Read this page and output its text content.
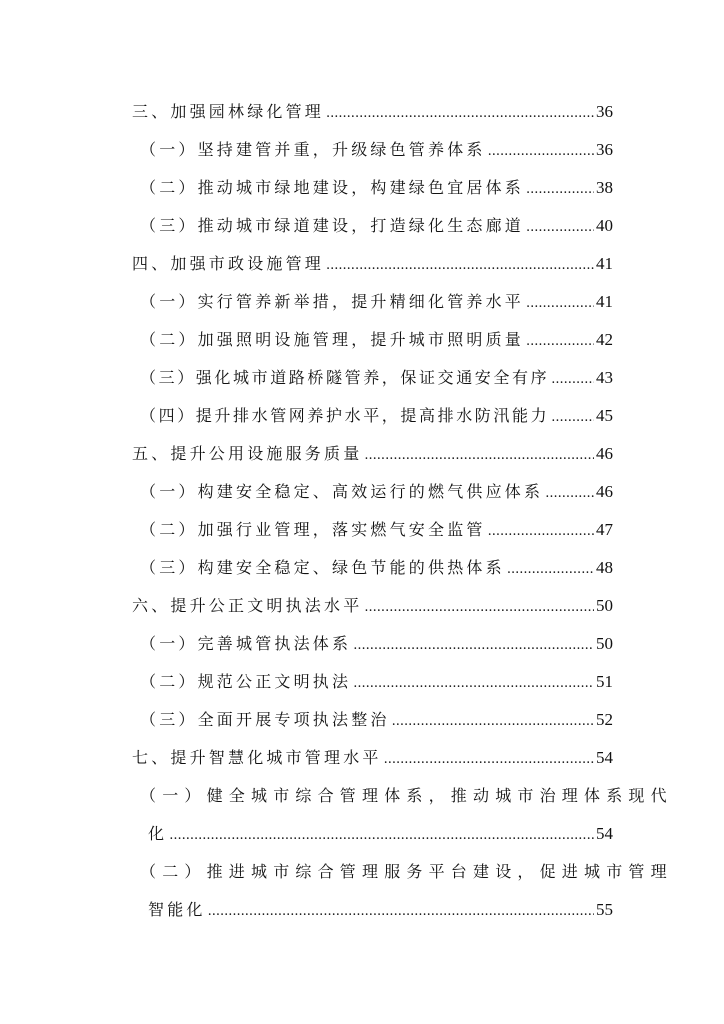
三、加强园林绿化管理 .....	36
（一）坚持建管并重，升级绿色管养体系 .....	36
（二）推动城市绿地建设，构建绿色宜居体系 .....	38
（三）推动城市绿道建设，打造绿化生态廊道 .....	40
四、加强市政设施管理 .....	41
（一）实行管养新举措，提升精细化管养水平 .....	41
（二）加强照明设施管理，提升城市照明质量 .....	42
（三）强化城市道路桥隧管养，保证交通安全有序 .....	43
（四）提升排水管网养护水平，提高排水防汛能力 .....	45
五、提升公用设施服务质量 .....	46
（一）构建安全稳定、高效运行的燃气供应体系 .....	46
（二）加强行业管理，落实燃气安全监管 .....	47
（三）构建安全稳定、绿色节能的供热体系 .....	48
六、提升公正文明执法水平 .....	50
（一）完善城管执法体系 .....	50
（二）规范公正文明执法 .....	51
（三）全面开展专项执法整治 .....	52
七、提升智慧化城市管理水平 .....	54
（一）健全城市综合管理体系，推动城市治理体系现代
化 .....	54
（二）推进城市综合管理服务平台建设，促进城市管理
智能化 .....	55
